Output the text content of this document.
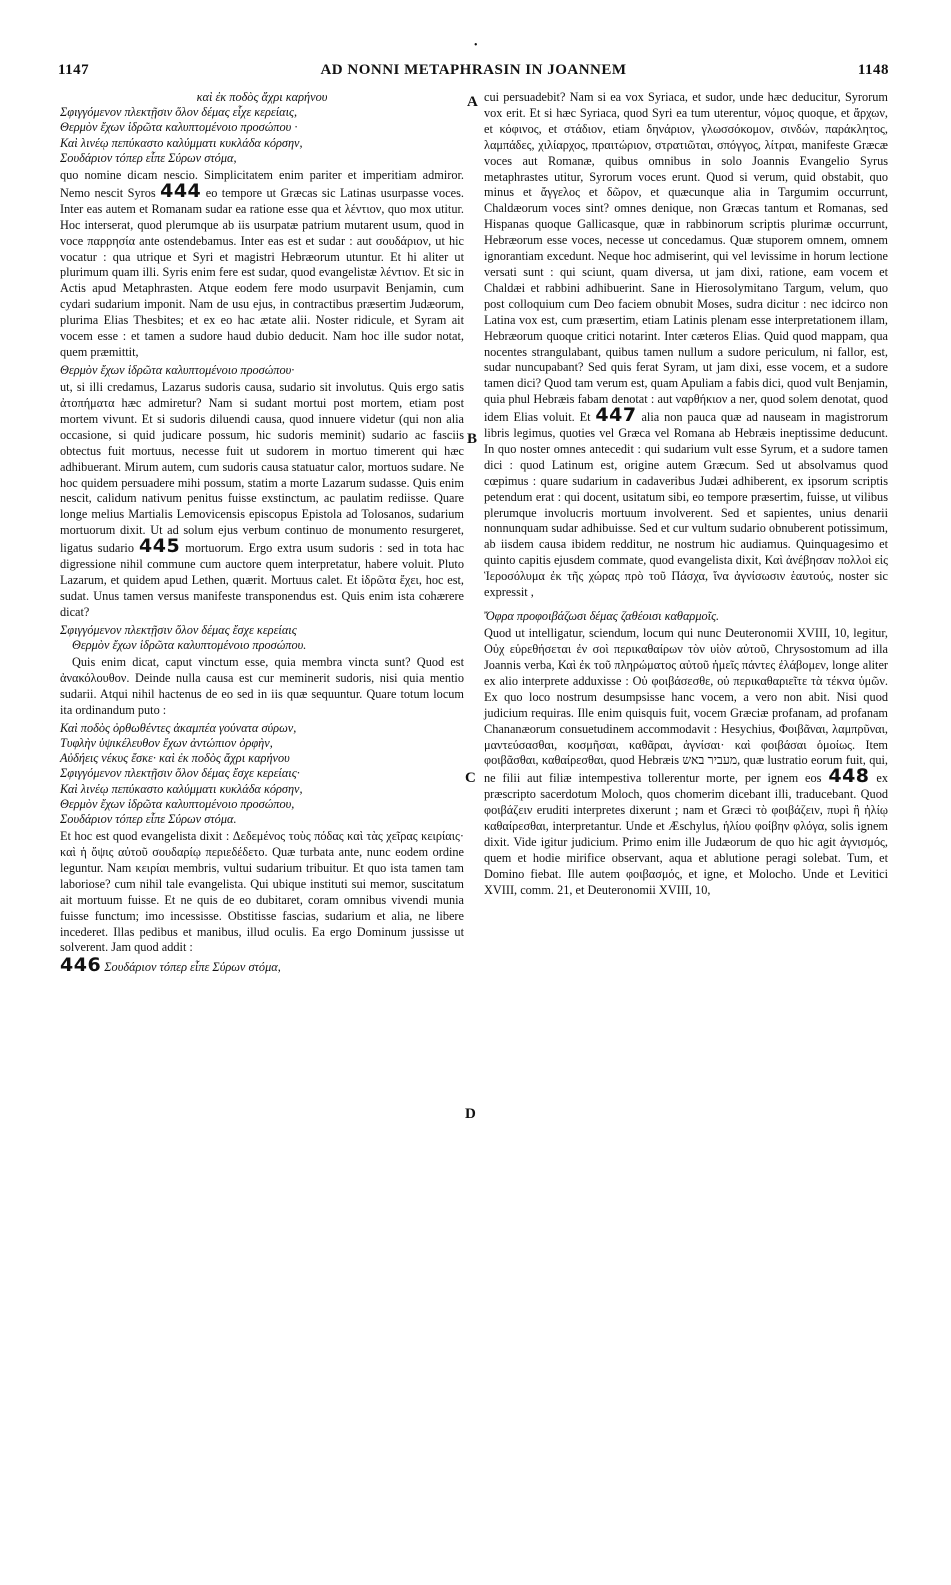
•
1147	AD NONNI METAPHRASIN IN JOANNEM	1148
A
B
C
D
καὶ ἐκ ποδὸς ἄχρι καρήνου
Σφιγγόμενον πλεκτῇσιν ὅλον δέμας εἶχε κερείαις,
Θερμὸν ἔχων ἱδρῶτα καλυπτομένοιο προσώπου ·
Καὶ λινέῳ πεπύκαστο καλύμματι κυκλάδα κόρσην,
Σουδάριον τόπερ εἶπε Σύρων στόμα,

quo nomine dicam nescio. Simplicitatem enim pariter et imperitiam admiror. Nemo nescit Syros 444 eo tempore ut Græcas sic Latinas usurpasse voces. Inter eas autem et Romanam sudar ea ratione esse qua et λέντιον, quo mox utitur. Hoc interserat, quod plerumque ab iis usurpatæ patrium mutarent usum, quod in voce παρρησία ante ostendebamus. Inter eas est et sudar : aut σουδάριον, ut hic vocatur : qua utrique et Syri et magistri Hebræorum utuntur. Et hi aliter ut plurimum quam illi. Syris enim fere est sudar, quod evangelistæ λέντιον. Et sic in Actis apud Metaphrasten. Atque eodem fere modo usurpavit Benjamin, cum cydari sudarium imponit. Nam de usu ejus, in contractibus præsertim Judæorum, plurima Elias Thesbites; et ex eo hac ætate alii. Noster ridicule, et Syram ait vocem esse : et tamen a sudore haud dubio deducit. Nam hoc ille sudor notat, quem præmittit,

Θερμὸν ἔχων ἱδρῶτα καλυπτομένοιο προσώπου·

ut, si illi credamus, Lazarus sudoris causa, sudario sit involutus. Quis ergo satis ἀτοπήματα hæc admiretur? Nam si sudant mortui post mortem, etiam post mortem vivunt. Et si sudoris diluendi causa, quod innuere videtur (qui non alia occasione, si quid judicare possum, hic sudoris meminit) sudario ac fasciis obtectus fuit mortuus, necesse fuit ut sudorem in mortuo timerent qui hæc adhibuerant. Mirum autem, cum sudoris causa statuatur calor, mortuos sudare. Ne hoc quidem persuadere mihi possum, statim a morte Lazarum sudasse. Quis enim nescit, calidum nativum penitus fuisse exstinctum, ac paulatim rediisse. Quare longe melius Martialis Lemovicensis episcopus Epistola ad Tolosanos, sudarium mortuorum dixit. Ut ad solum ejus verbum continuo de monumento resurgeret, ligatus sudario 445 mortuorum. Ergo extra usum sudoris : sed in tota hac digressione nihil commune cum auctore quem interpretatur, habere voluit. Pluto Lazarum, et quidem apud Lethen, quærit. Mortuus calet. Et ἱδρῶτα ἔχει, hoc est, sudat. Unus tamen versus manifeste transponendus est. Quis enim ista cohærere dicat?

Σφιγγόμενον πλεκτῇσιν ὅλον δέμας ἔσχε κερείαις
Θερμὸν ἔχων ἱδρῶτα καλυπτομένοιο προσώπου.

Quis enim dicat, caput vinctum esse, quia membra vincta sunt? Quod est ἀνακόλουθον. Deinde nulla causa est cur meminerit sudoris, nisi quia mentio sudarii. Atqui nihil hactenus de eo sed in iis quæ sequuntur. Quare totum locum ita ordinandum puto :

Καὶ ποδὸς ὀρθωθέντες ἀκαμπέα γούνατα σύρων,
Τυφλὴν ὑψικέλευθον ἔχων ἀντώπιον ὀρφὴν,
Αὐδήεις νέκυς ἔσκε· καὶ ἐκ ποδὸς ἄχρι καρήνου
Σφιγγόμενον πλεκτῇσιν ὅλον δέμας ἔσχε κερείαις·
Καὶ λινέῳ πεπύκαστο καλύμματι κυκλάδα κόρσην,
Θερμὸν ἔχων ἱδρῶτα καλυπτομένοιο προσώπου,
Σουδάριον τόπερ εἶπε Σύρων στόμα.

Et hoc est quod evangelista dixit : Δεδεμένος τοὺς πόδας καὶ τὰς χεῖρας κειρίαις· καὶ ἡ ὄψις αὐτοῦ σουδαρίῳ περιεδέδετο. Quæ turbata ante, nunc eodem ordine leguntur. Nam κειρίαι membris, vultui sudarium tribuitur. Et quo ista tamen tam laboriose? cum nihil tale evangelista. Qui ubique instituti sui memor, suscitatum ait mortuum fuisse. Et ne quis de eo dubitaret, coram omnibus vivendi munia fuisse functum; imo incessisse. Obstitisse fascias, sudarium et alia, ne libere incederet. Illas pedibus et manibus, illud oculis. Ea ergo Dominum jussisse ut solverent. Jam quod addit :

446 Σουδάριον τόπερ εἶπε Σύρων στόμα,

cui persuadebit? Nam si ea vox Syriaca, et sudor, unde hæc deducitur, Syrorum vox erit. Et si hæc Syriaca, quod Syri ea tum uterentur, νόμος quoque, et ἄρχων, et κόφινος, et στάδιον, etiam δηνάριον, γλωσσόκομον, σινδών, παράκλητος, λαμπάδες, χιλίαρχος, πραιτώριον, στρατιῶται, σπόγγος, λίτραι, manifeste Græcæ voces aut Romanæ, quibus omnibus in solo Joannis Evangelio Syrus metaphrastes utitur, Syrorum voces erunt. Quod si verum, quid obstabit, quo minus et ἄγγελος et δῶρον, et quæcunque alia in Targumim occurrunt, Chaldæorum voces sint? omnes denique, non Græcas tantum et Romanas, sed Hispanas quoque Gallicasque, quæ in rabbinorum scriptis plurimæ occurrunt, Hebræorum esse voces, necesse ut concedamus. Quæ stuporem omnem, omnem ignorantiam excedunt. Neque hoc admiserint, qui vel levissime in horum lectione versati sunt : qui sciunt, quam diversa, ut jam dixi, ratione, eam vocem et Chaldæi et rabbini adhibuerint. Sane in Hierosolymitano Targum, velum, quo post colloquium cum Deo faciem obnubit Moses, sudra dicitur : nec idcirco non Latina vox est, cum præsertim, etiam Latinis plenam esse interpretationem illam, Hebræorum quoque critici notarint. Inter cæteros Elias. Quid quod mappam, qua nocentes strangulabant, quibus tamen nullum a sudore periculum, ni fallor, est, sudar nuncupabant? Sed quis ferat Syram, ut jam dixi, esse vocem, et a sudore tamen dici? Quod tam verum est, quam Apuliam a fabis dici, quod vult Benjamin, quia phul Hebræis fabam denotat : aut ναρθήκιον a ner, quod solem denotat, quod idem Elias voluit. Et 447 alia non pauca quæ ad nauseam in magistrorum libris legimus, quoties vel Græca vel Romana ab Hebræis ineptissime deducunt. In quo noster omnes antecedit : qui sudarium vult esse Syrum, et a sudore tamen dici : quod Latinum est, origine autem Græcum. Sed ut absolvamus quod cœpimus : quare sudarium in cadaveribus Judæi adhiberent, ex ipsorum scriptis petendum erat : qui docent, usitatum sibi, eo tempore præsertim, fuisse, ut vilibus plerumque involucris mortuum involverent. Sed et sapientes, unius denarii nonnunquam sudar adhibuisse. Sed et cur vultum sudario obnuberent potissimum, ab iisdem causa ibidem redditur, ne nostrum hic audiamus. Quinquagesimo et quinto capitis ejusdem commate, quod evangelista dixit, Καὶ ἀνέβησαν πολλοὶ εἰς Ἱεροσόλυμα ἐκ τῆς χώρας πρὸ τοῦ Πάσχα, ἵνα ἁγνίσωσιν ἑαυτούς, noster sic expressit ,

Ὄφρα προφοιβάζωσι δέμας ζαθέοισι καθαρμοῖς.

Quod ut intelligatur, sciendum, locum qui nunc Deuteronomii XVIII, 10, legitur, Οὐχ εὑρεθήσεται ἐν σοὶ περικαθαίρων τὸν υἱὸν αὐτοῦ, Chrysostomum ad illa Joannis verba, Καὶ ἐκ τοῦ πληρώματος αὐτοῦ ἡμεῖς πάντες ἐλάβομεν, longe aliter ex alio interprete adduxisse : Οὐ φοιβάσεσθε, οὐ περικαθαριεῖτε τὰ τέκνα ὑμῶν. Ex quo loco nostrum desumpsisse hanc vocem, a vero non abit. Nisi quod judicium requiras. Ille enim quisquis fuit, vocem Græciæ profanam, ad profanam Chananæorum consuetudinem accommodavit : Hesychius, Φοιβᾶναι, λαμπρῦναι, μαντεύσασθαι, κοσμῆσαι, καθᾶραι, ἁγνίσαι· καὶ φοιβάσαι ὁμοίως. Item φοιβᾶσθαι, καθαίρεσθαι, quod Hebræis מעביר באש, quæ lustratio eorum fuit, qui, ne filii aut filiæ intempestiva tollerentur morte, per ignem eos 448 ex præscripto sacerdotum Moloch, quos chomerim dicebant illi, traducebant. Quod φοιβάζειν eruditi interpretes dixerunt ; nam et Græci τὸ φοιβάζειν, πυρὶ ἢ ἡλίῳ καθαίρεσθαι, interpretantur. Unde et Æschylus, ἡλίου φοίβην φλόγα, solis ignem dixit. Vide igitur judicium. Primo enim ille Judæorum de quo hic agit ἁγνισμός, quem et hodie mirifice observant, aqua et ablutione peragi solebat. Tum, et Domino fiebat. Ille autem φοιβασμός, et igne, et Molocho. Unde et Levitici XVIII, comm. 21, et Deuteronomii XVIII, 10,
